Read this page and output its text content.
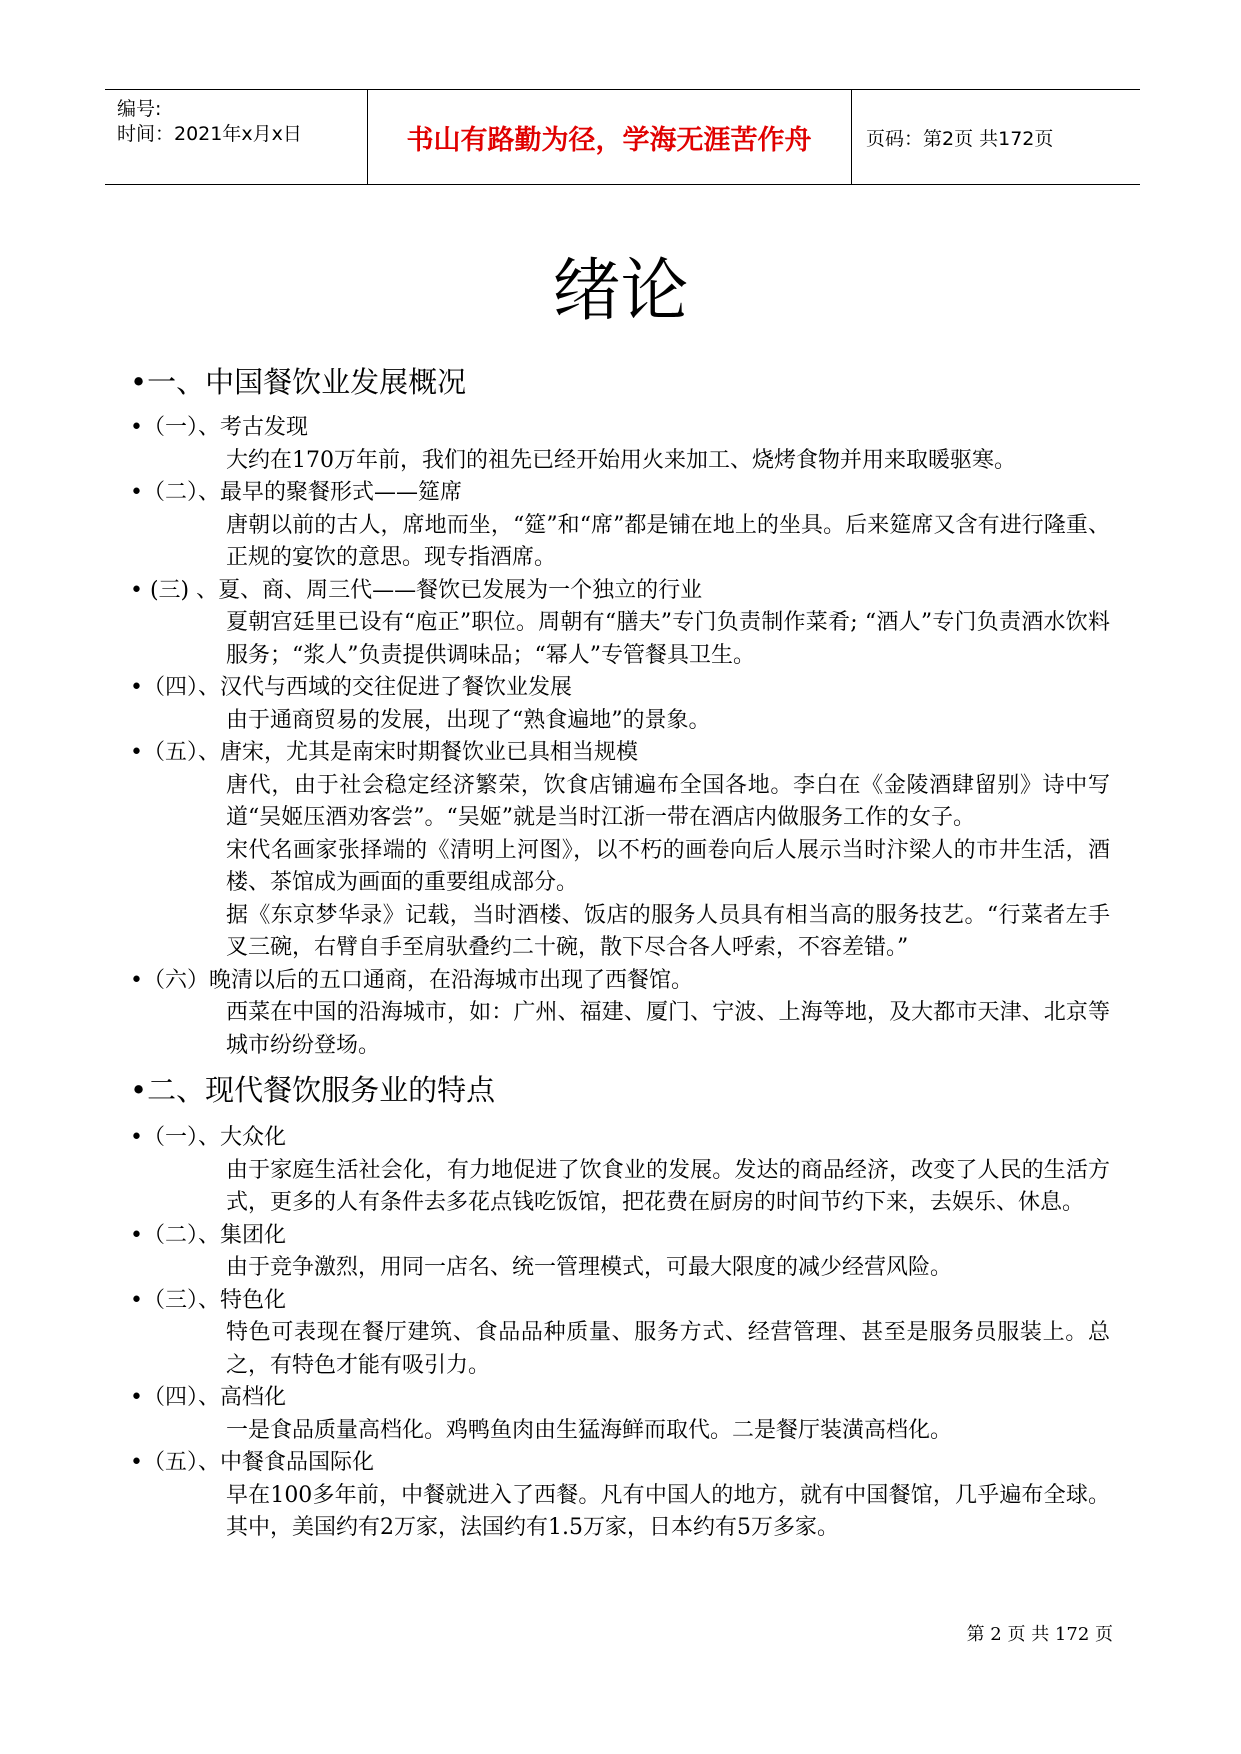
编号:
时间：2021年x月x日	书山有路勤为径，学海无涯苦作舟	页码：第2页 共172页
绪论
•一、中国餐饮业发展概况
•（一）、考古发现
大约在170万年前，我们的祖先已经开始用火来加工、烧烤食物并用来取暖驱寒。
•（二）、最早的聚餐形式——筵席
唐朝以前的古人，席地而坐，“筵”和“席”都是铺在地上的坐具。后来筵席又含有进行隆重、正规的宴饮的意思。现专指酒席。
• (三) 、夏、商、周三代——餐饮已发展为一个独立的行业
夏朝宫廷里已设有“庖正”职位。周朝有“膳夫”专门负责制作菜肴; “酒人”专门负责酒水饮料服务；“浆人”负责提供调味品；“幂人”专管餐具卫生。
•（四）、汉代与西域的交往促进了餐饮业发展
由于通商贸易的发展，出现了“熟食遍地”的景象。
•（五）、唐宋，尤其是南宋时期餐饮业已具相当规模
唐代，由于社会稳定经济繁荣，饮食店铺遍布全国各地。李白在《金陵酒肆留别》诗中写道“吴姬压酒劝客尝”。“吴姬”就是当时江浙一带在酒店内做服务工作的女子。
宋代名画家张择端的《清明上河图》，以不朽的画卷向后人展示当时汴梁人的市井生活，酒楼、茶馆成为画面的重要组成部分。
据《东京梦华录》记载，当时酒楼、饭店的服务人员具有相当高的服务技艺。“行菜者左手叉三碗，右臂自手至肩驮叠约二十碗，散下尽合各人呼索，不容差错。”
•（六）晚清以后的五口通商，在沿海城市出现了西餐馆。
西菜在中国的沿海城市，如：广州、福建、厦门、宁波、上海等地，及大都市天津、北京等城市纷纷登场。
•二、现代餐饮服务业的特点
•（一）、大众化
由于家庭生活社会化，有力地促进了饮食业的发展。发达的商品经济，改变了人民的生活方式，更多的人有条件去多花点钱吃饭馆，把花费在厨房的时间节约下来，去娱乐、休息。
•（二）、集团化
由于竞争激烈，用同一店名、统一管理模式，可最大限度的减少经营风险。
•（三）、特色化
特色可表现在餐厅建筑、食品品种质量、服务方式、经营管理、甚至是服务员服装上。总之，有特色才能有吸引力。
•（四）、高档化
一是食品质量高档化。鸡鸭鱼肉由生猛海鲜而取代。二是餐厅装潢高档化。
•（五）、中餐食品国际化
早在100多年前，中餐就进入了西餐。凡有中国人的地方，就有中国餐馆，几乎遍布全球。其中，美国约有2万家，法国约有1.5万家，日本约有5万多家。
第 2 页 共 172 页
